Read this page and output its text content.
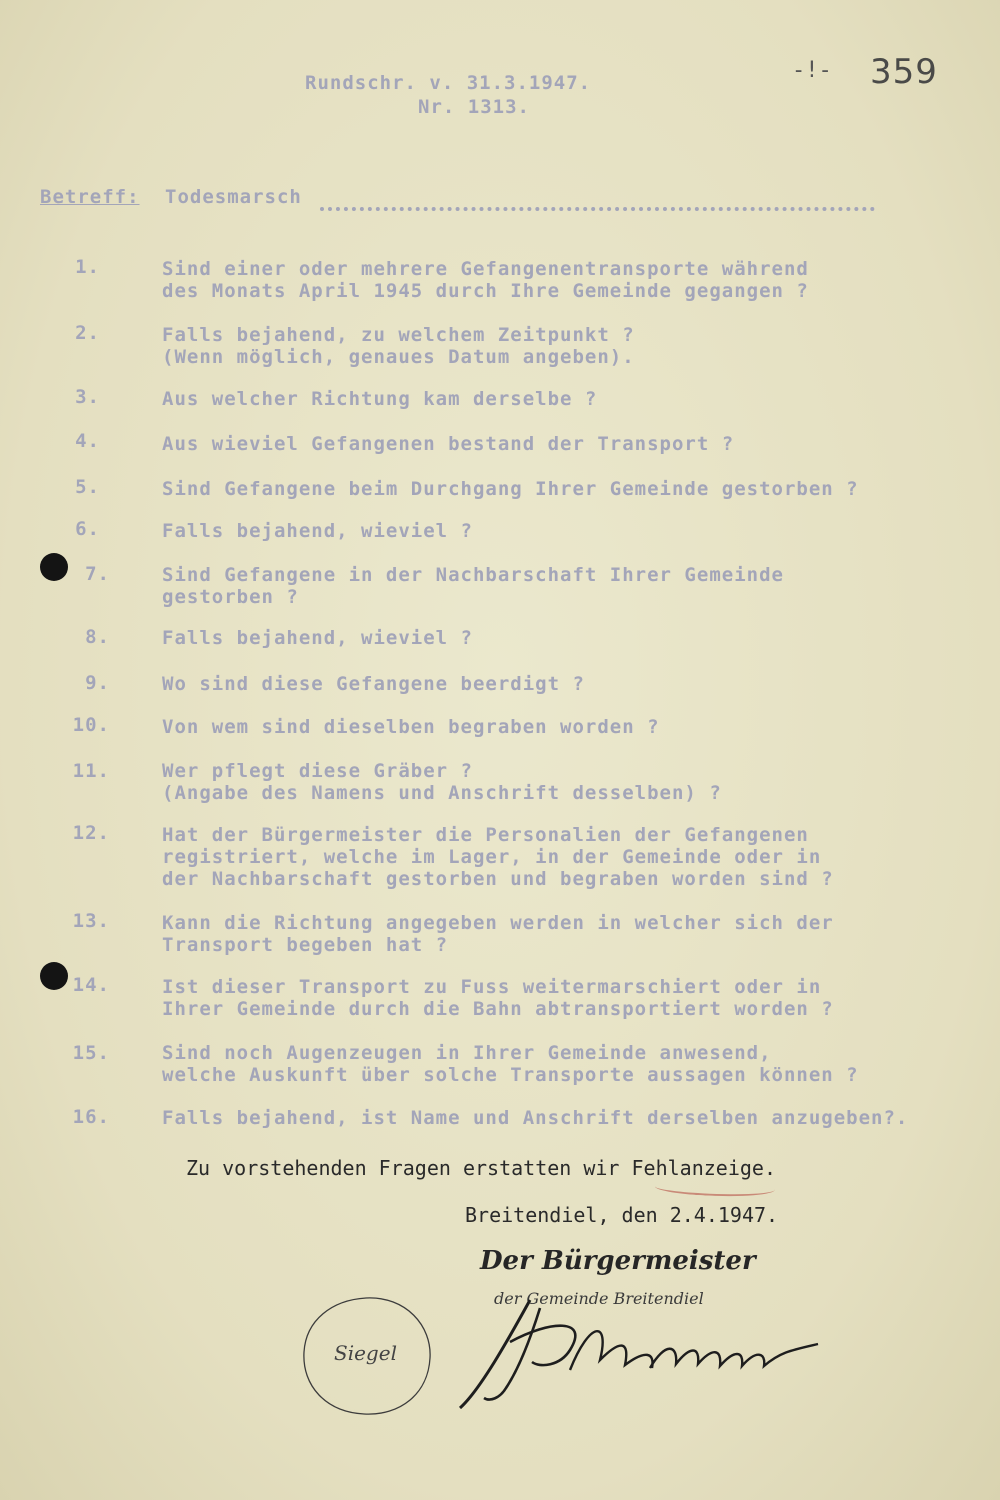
-!- 359
Rundschr. v. 31.3.1947.
Nr. 1313.
Betreff: Todesmarsch
1.	Sind einer oder mehrere Gefangenentransporte während
des Monats April 1945 durch Ihre Gemeinde gegangen ?
2.	Falls bejahend, zu welchem Zeitpunkt ?
(Wenn möglich, genaues Datum angeben).
3.	Aus welcher Richtung kam derselbe ?
4.	Aus wieviel Gefangenen bestand der Transport ?
5.	Sind Gefangene beim Durchgang Ihrer Gemeinde gestorben ?
6.	Falls bejahend, wieviel ?
7.	Sind Gefangene in der Nachbarschaft Ihrer Gemeinde
gestorben ?
8.	Falls bejahend, wieviel ?
9.	Wo sind diese Gefangene beerdigt ?
10.	Von wem sind dieselben begraben worden ?
11.	Wer pflegt diese Gräber ?
(Angabe des Namens und Anschrift desselben) ?
12.	Hat der Bürgermeister die Personalien der Gefangenen
registriert, welche im Lager, in der Gemeinde oder in
der Nachbarschaft gestorben und begraben worden sind ?
13.	Kann die Richtung angegeben werden in welcher sich der
Transport begeben hat ?
14.	Ist dieser Transport zu Fuss weitermarschiert oder in
Ihrer Gemeinde durch die Bahn abtransportiert worden ?
15.	Sind noch Augenzeugen in Ihrer Gemeinde anwesend,
welche Auskunft über solche Transporte aussagen können ?
16.	Falls bejahend, ist Name und Anschrift derselben anzugeben?.
Zu vorstehenden Fragen erstatten wir Fehlanzeige.
Breitendiel, den 2.4.1947.
Der Bürgermeister
der Gemeinde Breitendiel
Siegel
